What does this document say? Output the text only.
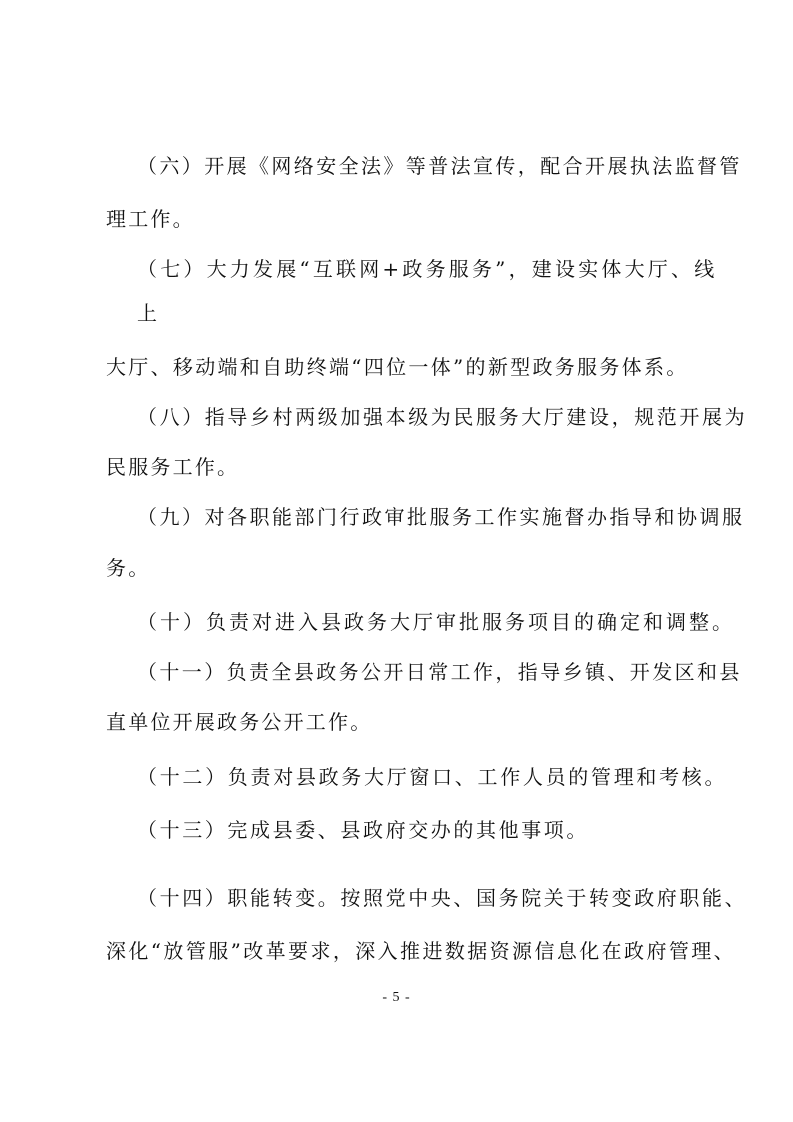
（六）开展《网络安全法》等普法宣传，配合开展执法监督管
理工作。
（七）大力发展“互联网+政务服务”，建设实体大厅、线
上
大厅、移动端和自助终端“四位一体”的新型政务服务体系。
（八）指导乡村两级加强本级为民服务大厅建设，规范开展为
民服务工作。
（九）对各职能部门行政审批服务工作实施督办指导和协调服
务。
（十）负责对进入县政务大厅审批服务项目的确定和调整。
（十一）负责全县政务公开日常工作，指导乡镇、开发区和县
直单位开展政务公开工作。
（十二）负责对县政务大厅窗口、工作人员的管理和考核。
（十三）完成县委、县政府交办的其他事项。
（十四）职能转变。按照党中央、国务院关于转变政府职能、
深化“放管服”改革要求，深入推进数据资源信息化在政府管理、
- 5 -
